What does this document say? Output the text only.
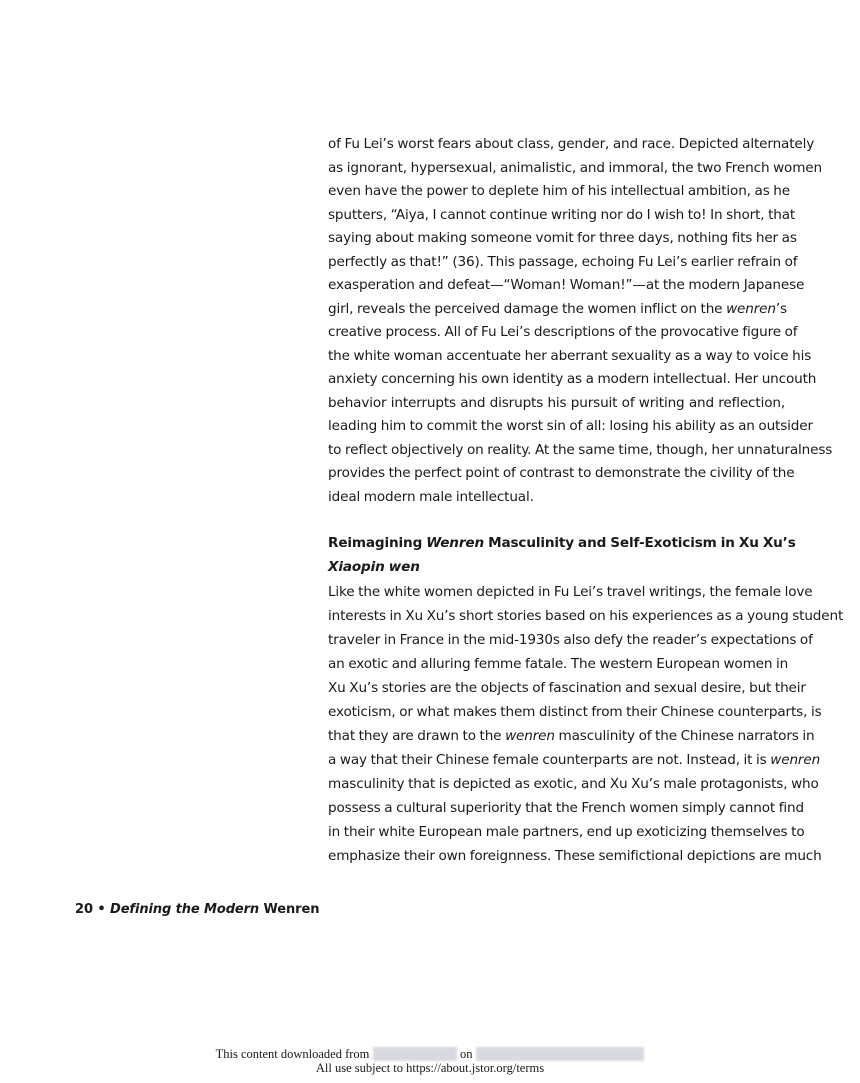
of Fu Lei’s worst fears about class, gender, and race. Depicted alternately
as ignorant, hypersexual, animalistic, and immoral, the two French women
even have the power to deplete him of his intellectual ambition, as he
sputters, “Aiya, I cannot continue writing nor do I wish to! In short, that
saying about making someone vomit for three days, nothing fits her as
perfectly as that!” (36). This passage, echoing Fu Lei’s earlier refrain of
exasperation and defeat—“Woman! Woman!”—at the modern Japanese
girl, reveals the perceived damage the women inflict on the wenren’s
creative process. All of Fu Lei’s descriptions of the provocative figure of
the white woman accentuate her aberrant sexuality as a way to voice his
anxiety concerning his own identity as a modern intellectual. Her uncouth
behavior interrupts and disrupts his pursuit of writing and reflection,
leading him to commit the worst sin of all: losing his ability as an outsider
to reflect objectively on reality. At the same time, though, her unnaturalness
provides the perfect point of contrast to demonstrate the civility of the
ideal modern male intellectual.
Reimagining Wenren Masculinity and Self-Exoticism in Xu Xu’s
Xiaopin wen
Like the white women depicted in Fu Lei’s travel writings, the female love
interests in Xu Xu’s short stories based on his experiences as a young student
traveler in France in the mid-1930s also defy the reader’s expectations of
an exotic and alluring femme fatale. The western European women in
Xu Xu’s stories are the objects of fascination and sexual desire, but their
exoticism, or what makes them distinct from their Chinese counterparts, is
that they are drawn to the wenren masculinity of the Chinese narrators in
a way that their Chinese female counterparts are not. Instead, it is wenren
masculinity that is depicted as exotic, and Xu Xu’s male protagonists, who
possess a cultural superiority that the French women simply cannot find
in their white European male partners, end up exoticizing themselves to
emphasize their own foreignness. These semifictional depictions are much
20 • Defining the Modern Wenren
This content downloaded from	on
All use subject to https://about.jstor.org/terms
